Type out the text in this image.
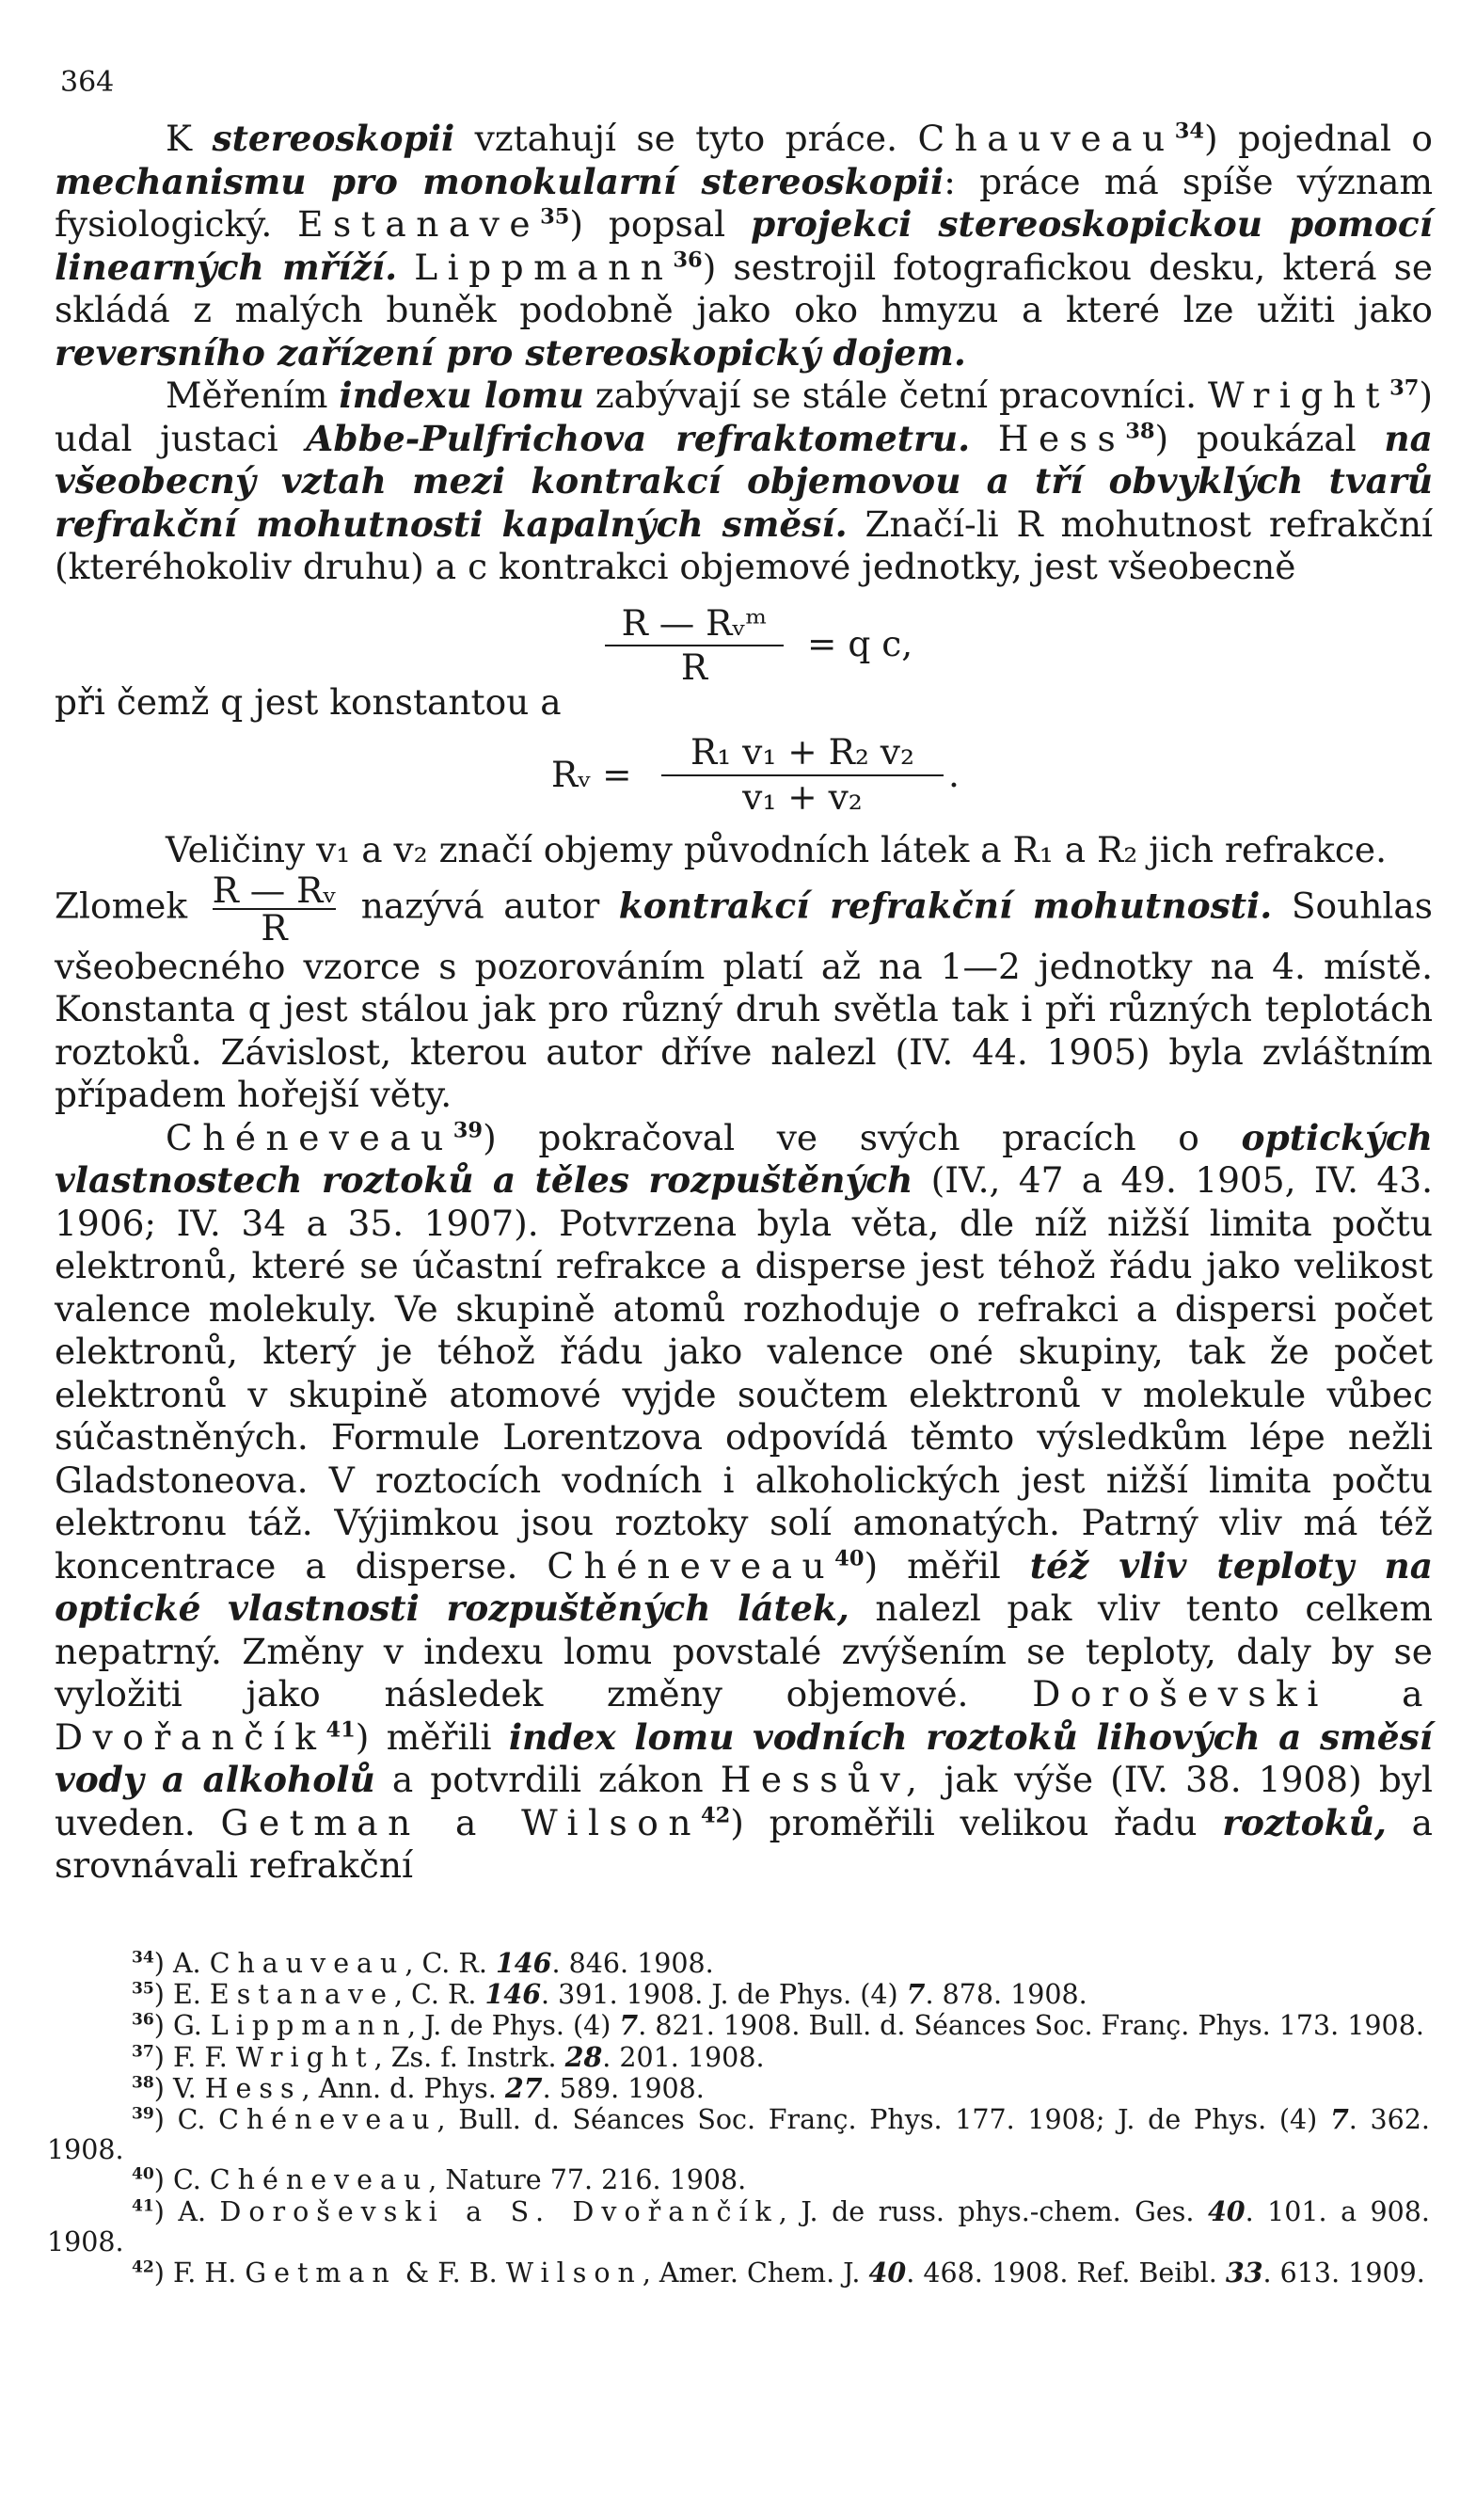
364

K stereoskopii vztahují se tyto práce. Chauveau$^{34}$) pojednal o mechanismu pro monokularní stereoskopii: práce má spíše význam fysiologický. Estanave$^{35}$) popsal projekci stereoskopickou pomocí linearných mříží. Lippmann$^{36}$) sestrojil fotografickou desku, která se skládá z malých buněk podobně jako oko hmyzu a které lze užiti jako reversního zařízení pro stereoskopický dojem.

Měřením indexu lomu zabývají se stále četní pracovníci. Wright$^{37}$) udal justaci Abbe-Pulfrichova refraktometru. Hess$^{38}$) poukázal na všeobecný vztah mezi kontrakcí objemovou a tří obvyklých tvarů refrakční mohutnosti kapalných směsí. Značí-li R mohutnost refrakční (kteréhokoliv druhu) a c kontrakci objemové jednotky, jest všeobecně

R — Rᵥᵐ
R
= q c,

při čemž q jest konstantou a

Rᵥ = $\frac{\text{R₁ v₁ + R₂ v₂}}{\text{v₁ + v₂}}$ .

Veličiny v₁ a v₂ značí objemy původních látek a R₁ a R₂ jich refrakce.

Zlomek $\frac{\text{R — Rᵥ}}{R}$ nazývá autor kontrakcí refrakční mohutnosti. Souhlas všeobecného vzorce s pozorováním platí až na 1—2 jednotky na 4. místě. Konstanta q jest stálou jak pro různý druh světla tak i při různých teplotách roztoků. Závislost, kterou autor dříve nalezl (IV. 44. 1905) byla zvláštním případem hořejší věty.

Chéneveau$^{39}$) pokračoval ve svých pracích o optických vlastnostech roztoků a těles rozpuštěných (IV., 47 a 49. 1905, IV. 43. 1906; IV. 34 a 35. 1907). Potvrzena byla věta, dle níž nižší limita počtu elektronů, které se účastní refrakce a disperse jest téhož řádu jako velikost valence molekuly. Ve skupině atomů rozhoduje o refrakci a dispersi počet elektronů, který je téhož řádu jako valence oné skupiny, tak že počet elektronů v skupině atomové vyjde součtem elektronů v molekule vůbec súčastněných. Formule Lorentzova odpovídá těmto výsledkům lépe nežli Gladstoneova. V roztocích vodních i alkoholických jest nižší limita počtu elektronu táž. Výjimkou jsou roztoky solí amonatých. Patrný vliv má též koncentrace a disperse. Chéneveau$^{40}$) měřil též vliv teploty na optické vlastnosti rozpuštěných látek, nalezl pak vliv tento celkem nepatrný. Změny v indexu lomu povstalé zvýšením se teploty, daly by se vyložiti jako následek změny objemové. Doroševski a Dvořančík$^{41}$) měřili index lomu vodních roztoků lihových a směsí vody a alkoholů a potvrdili zákon Hessův, jak výše (IV. 38. 1908) byl uveden. Getman a Wilson$^{42}$) proměřili velikou řadu roztoků, a srovnávali refrakční

$^{34}$) A. Chauveau, C. R. 146. 846. 1908.

$^{35}$) E. Estanave, C. R. 146. 391. 1908. J. de Phys. (4) 7. 878. 1908.

$^{36}$) G. Lippmann, J. de Phys. (4) 7. 821. 1908. Bull. d. Séances Soc. Franç. Phys. 173. 1908.

$^{37}$) F. F. Wright, Zs. f. Instrk. 28. 201. 1908.

$^{38}$) V. Hess, Ann. d. Phys. 27. 589. 1908.

$^{39}$) C. Chéneveau, Bull. d. Séances Soc. Franç. Phys. 177. 1908; J. de Phys. (4) 7. 362. 1908.

$^{40}$) C. Chéneveau, Nature 77. 216. 1908.

$^{41}$) A. Doroševski a S. Dvořančík, J. de russ. phys.-chem. Ges. 40. 101. a 908. 1908.

$^{42}$) F. H. Getman & F. B. Wilson, Amer. Chem. J. 40. 468. 1908. Ref. Beibl. 33. 613. 1909.
